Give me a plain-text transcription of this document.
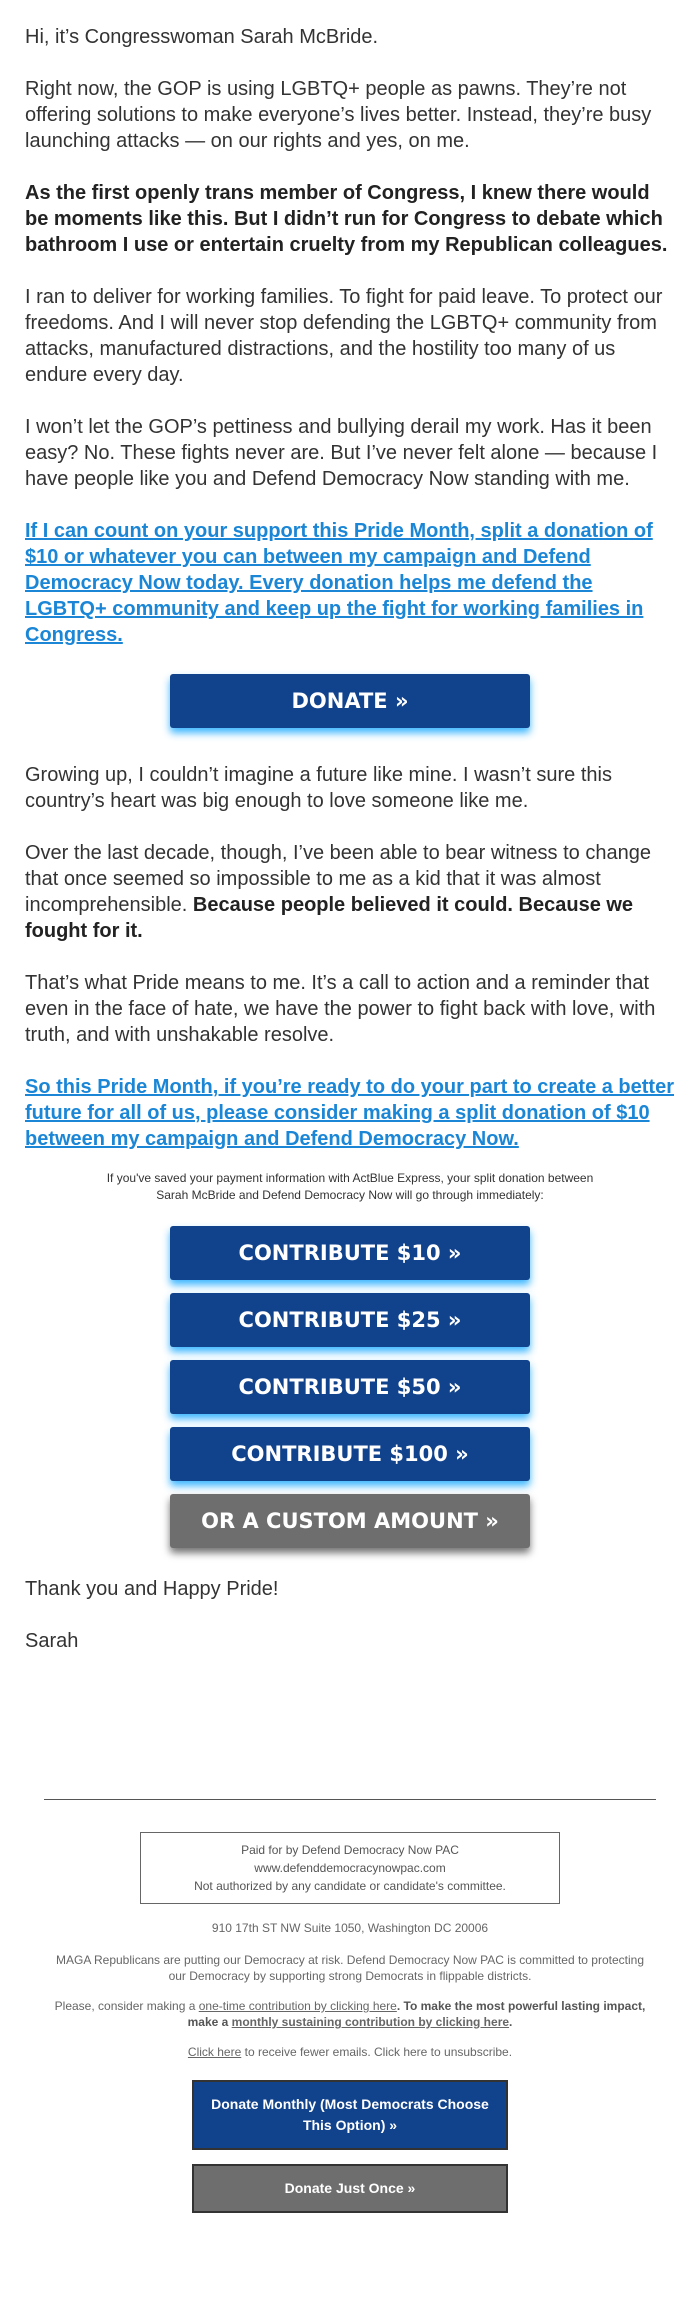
Hi, it’s Congresswoman Sarah McBride.

Right now, the GOP is using LGBTQ+ people as pawns. They’re not offering solutions to make everyone’s lives better. Instead, they’re busy launching attacks — on our rights and yes, on me.

As the first openly trans member of Congress, I knew there would be moments like this. But I didn’t run for Congress to debate which bathroom I use or entertain cruelty from my Republican colleagues.

I ran to deliver for working families. To fight for paid leave. To protect our freedoms. And I will never stop defending the LGBTQ+ community from attacks, manufactured distractions, and the hostility too many of us endure every day.

I won’t let the GOP’s pettiness and bullying derail my work. Has it been easy? No. These fights never are. But I’ve never felt alone — because I have people like you and Defend Democracy Now standing with me.

If I can count on your support this Pride Month, split a donation of $10 or whatever you can between my campaign and Defend Democracy Now today. Every donation helps me defend the LGBTQ+ community and keep up the fight for working families in Congress.

DONATE »

Growing up, I couldn’t imagine a future like mine. I wasn’t sure this country’s heart was big enough to love someone like me.

Over the last decade, though, I’ve been able to bear witness to change that once seemed so impossible to me as a kid that it was almost incomprehensible. Because people believed it could. Because we fought for it.

That’s what Pride means to me. It’s a call to action and a reminder that even in the face of hate, we have the power to fight back with love, with truth, and with unshakable resolve.

So this Pride Month, if you’re ready to do your part to create a better future for all of us, please consider making a split donation of $10 between my campaign and Defend Democracy Now.

If you've saved your payment information with ActBlue Express, your split donation between Sarah McBride and Defend Democracy Now will go through immediately:

CONTRIBUTE $10 »
CONTRIBUTE $25 »
CONTRIBUTE $50 »
CONTRIBUTE $100 »
OR A CUSTOM AMOUNT »

Thank you and Happy Pride!

Sarah

Paid for by Defend Democracy Now PAC
www.defenddemocracynowpac.com
Not authorized by any candidate or candidate's committee.
910 17th ST NW Suite 1050, Washington DC 20006
MAGA Republicans are putting our Democracy at risk. Defend Democracy Now PAC is committed to protecting our Democracy by supporting strong Democrats in flippable districts.
Please, consider making a one-time contribution by clicking here. To make the most powerful lasting impact, make a monthly sustaining contribution by clicking here.
Click here to receive fewer emails. Click here to unsubscribe.
Donate Monthly (Most Democrats Choose This Option) »
Donate Just Once »
